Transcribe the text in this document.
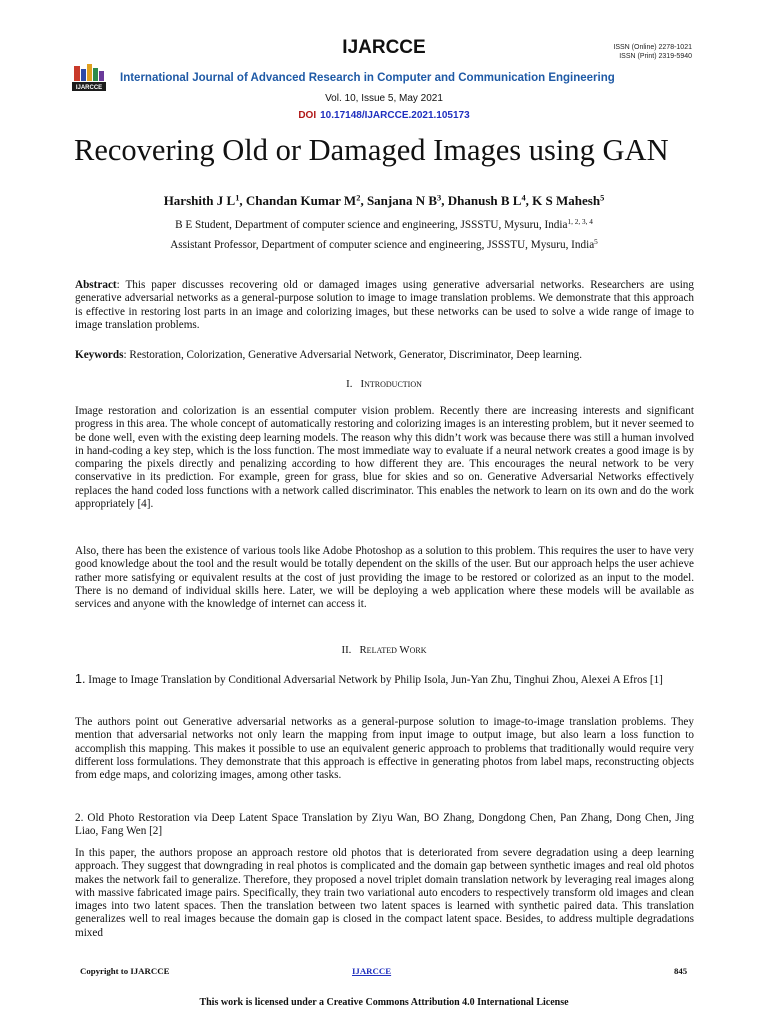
IJARCCE	ISSN (Online) 2278-1021
ISSN (Print) 2319-5940
IJARCCE
International Journal of Advanced Research in Computer and Communication Engineering
Vol. 10, Issue 5, May 2021
DOI 10.17148/IJARCCE.2021.105173
Recovering Old or Damaged Images using GAN
Harshith J $L^1$, Chandan Kumar $M^2$, Sanjana N $B^3$, Dhanush B $L^4$, K S Mahesh$^5$
B E Student, Department of computer science and engineering, JSSSTU, Mysuru, India$^{1, 2, 3, 4}$
Assistant Professor, Department of computer science and engineering, JSSSTU, Mysuru, India$^5$

Abstract: This paper discusses recovering old or damaged images using generative adversarial networks. Researchers are using generative adversarial networks as a general-purpose solution to image to image translation problems. We demonstrate that this approach is effective in restoring lost parts in an image and colorizing images, but these networks can be used to solve a wide range of image to image translation problems.

Keywords: Restoration, Colorization, Generative Adversarial Network, Generator, Discriminator, Deep learning.

I. Introduction

Image restoration and colorization is an essential computer vision problem. Recently there are increasing interests and significant progress in this area. The whole concept of automatically restoring and colorizing images is an interesting problem, but it never seemed to be done well, even with the existing deep learning models. The reason why this didn’t work was because there was still a human involved in hand-coding a key step, which is the loss function. The most immediate way to evaluate if a neural network creates a good image is by comparing the pixels directly and penalizing according to how different they are. This encourages the neural network to be very conservative in its prediction. For example, green for grass, blue for skies and so on. Generative Adversarial Networks effectively replaces the hand coded loss functions with a network called discriminator. This enables the network to learn on its own and do the work appropriately [4].

Also, there has been the existence of various tools like Adobe Photoshop as a solution to this problem. This requires the user to have very good knowledge about the tool and the result would be totally dependent on the skills of the user. But our approach helps the user achieve rather more satisfying or equivalent results at the cost of just providing the image to be restored or colorized as an input to the model. There is no demand of individual skills here. Later, we will be deploying a web application where these models will be available as services and anyone with the knowledge of internet can access it.

II. Related Work

1. Image to Image Translation by Conditional Adversarial Network by Philip Isola, Jun-Yan Zhu, Tinghui Zhou, Alexei A Efros [1]

The authors point out Generative adversarial networks as a general-purpose solution to image-to-image translation problems. They mention that adversarial networks not only learn the mapping from input image to output image, but also learn a loss function to accomplish this mapping. This makes it possible to use an equivalent generic approach to problems that traditionally would require very different loss formulations. They demonstrate that this approach is effective in generating photos from label maps, reconstructing objects from edge maps, and colorizing images, among other tasks.

2. Old Photo Restoration via Deep Latent Space Translation by Ziyu Wan, BO Zhang, Dongdong Chen, Pan Zhang, Dong Chen, Jing Liao, Fang Wen [2]

In this paper, the authors propose an approach restore old photos that is deteriorated from severe degradation using a deep learning approach. They suggest that downgrading in real photos is complicated and the domain gap between synthetic images and real old photos makes the network fail to generalize. Therefore, they proposed a novel triplet domain translation network by leveraging real images along with massive fabricated image pairs. Specifically, they train two variational auto encoders to respectively transform old images and clean images into two latent spaces. Then the translation between two latent spaces is learned with synthetic paired data. This translation generalizes well to real images because the domain gap is closed in the compact latent space. Besides, to address multiple degradations mixed

Copyright to IJARCCE	IJARCCE	845
This work is licensed under a Creative Commons Attribution 4.0 International License
